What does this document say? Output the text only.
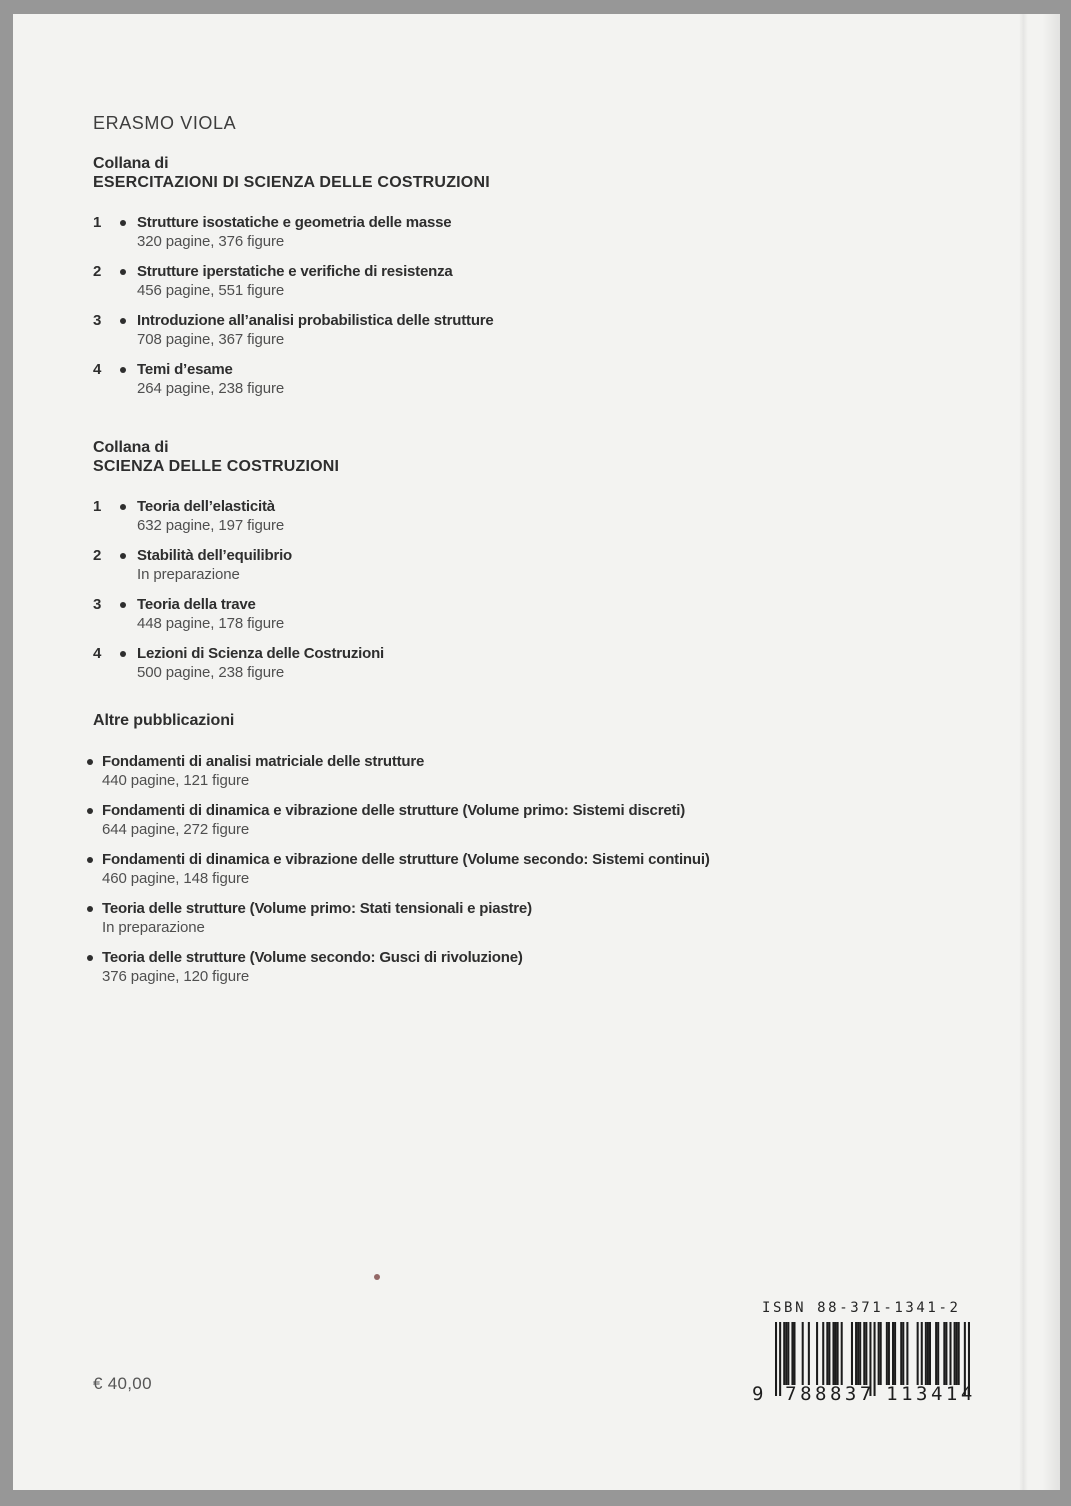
ERASMO VIOLA
Collana di
ESERCITAZIONI DI SCIENZA DELLE COSTRUZIONI
1	Strutture isostatiche e geometria delle masse
320 pagine, 376 figure
2	Strutture iperstatiche e verifiche di resistenza
456 pagine, 551 figure
3	Introduzione all’analisi probabilistica delle strutture
708 pagine, 367 figure
4	Temi d’esame
264 pagine, 238 figure
Collana di
SCIENZA DELLE COSTRUZIONI
1	Teoria dell’elasticità
632 pagine, 197 figure
2	Stabilità dell’equilibrio
In preparazione
3	Teoria della trave
448 pagine, 178 figure
4	Lezioni di Scienza delle Costruzioni
500 pagine, 238 figure
Altre pubblicazioni
Fondamenti di analisi matriciale delle strutture
440 pagine, 121 figure
Fondamenti di dinamica e vibrazione delle strutture (Volume primo: Sistemi discreti)
644 pagine, 272 figure
Fondamenti di dinamica e vibrazione delle strutture (Volume secondo: Sistemi continui)
460 pagine, 148 figure
Teoria delle strutture (Volume primo: Stati tensionali e piastre)
In preparazione
Teoria delle strutture (Volume secondo: Gusci di rivoluzione)
376 pagine, 120 figure
€ 40,00
ISBN 88-371-1341-2
9 788837 113414
